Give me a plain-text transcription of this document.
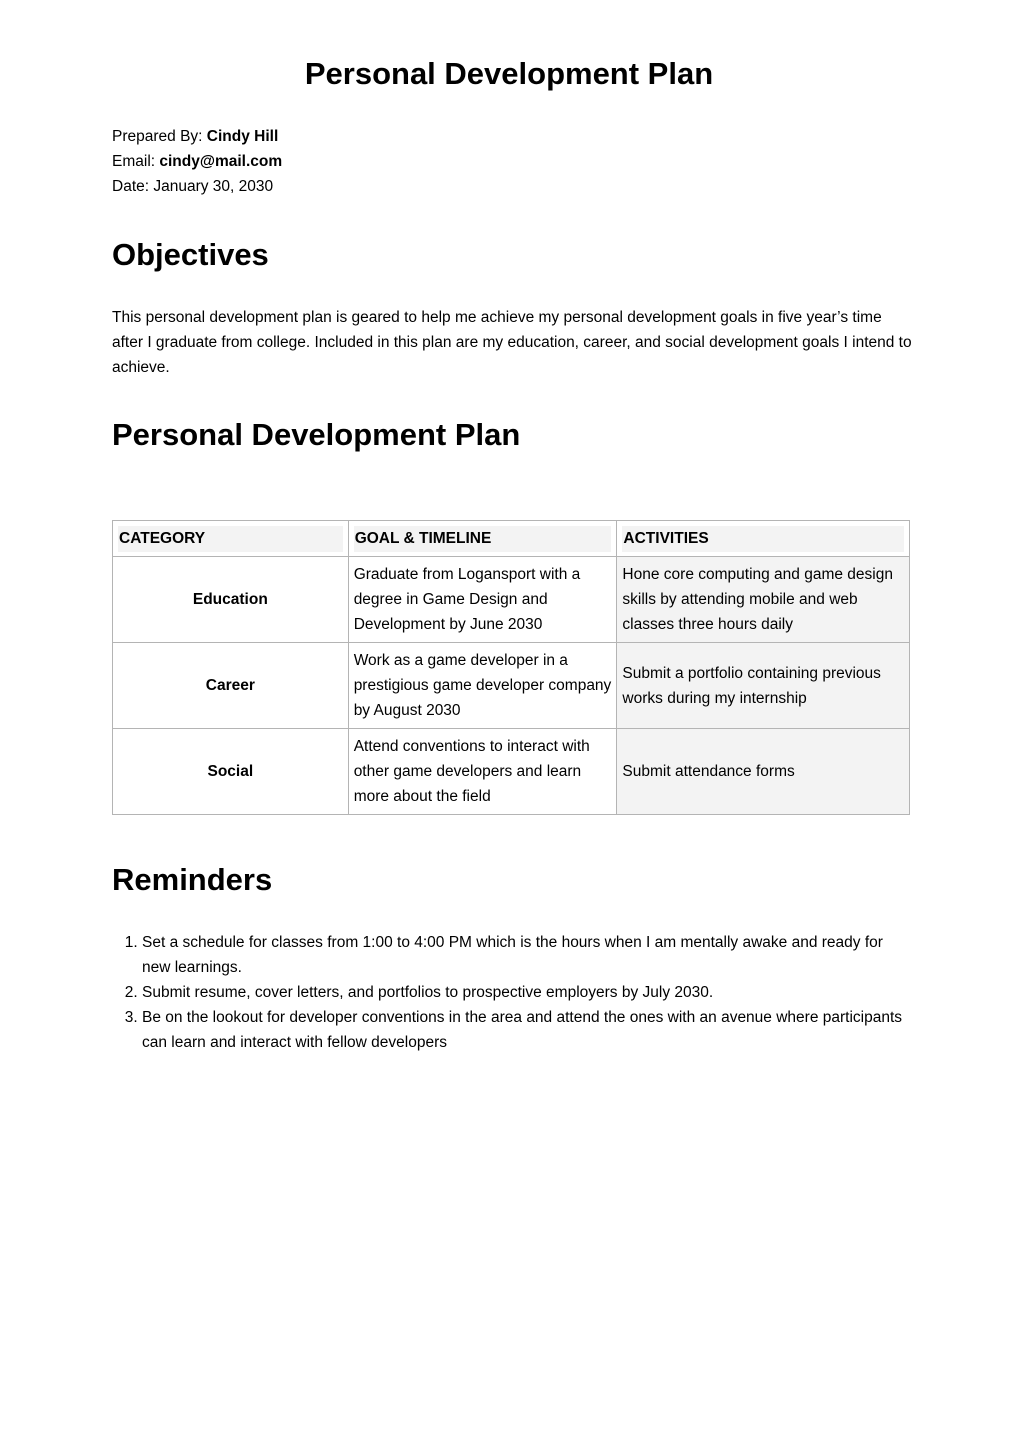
Personal Development Plan
Prepared By: Cindy Hill
Email: cindy@mail.com
Date: January 30, 2030
Objectives

This personal development plan is geared to help me achieve my personal development goals in five year’s time after I graduate from college. Included in this plan are my education, career, and social development goals I intend to achieve.

Personal Development Plan
CATEGORY	GOAL & TIMELINE	ACTIVITIES

Education	Graduate from Logansport with a degree in Game Design and Development by June 2030	Hone core computing and game design skills by attending mobile and web classes three hours daily
Career	Work as a game developer in a prestigious game developer company by August 2030	Submit a portfolio containing previous works during my internship
Social	Attend conventions to interact with other game developers and learn more about the field	Submit attendance forms
Reminders
1. Set a schedule for classes from 1:00 to 4:00 PM which is the hours when I am mentally awake and ready for new learnings.
2. Submit resume, cover letters, and portfolios to prospective employers by July 2030.
3. Be on the lookout for developer conventions in the area and attend the ones with an avenue where participants can learn and interact with fellow developers
